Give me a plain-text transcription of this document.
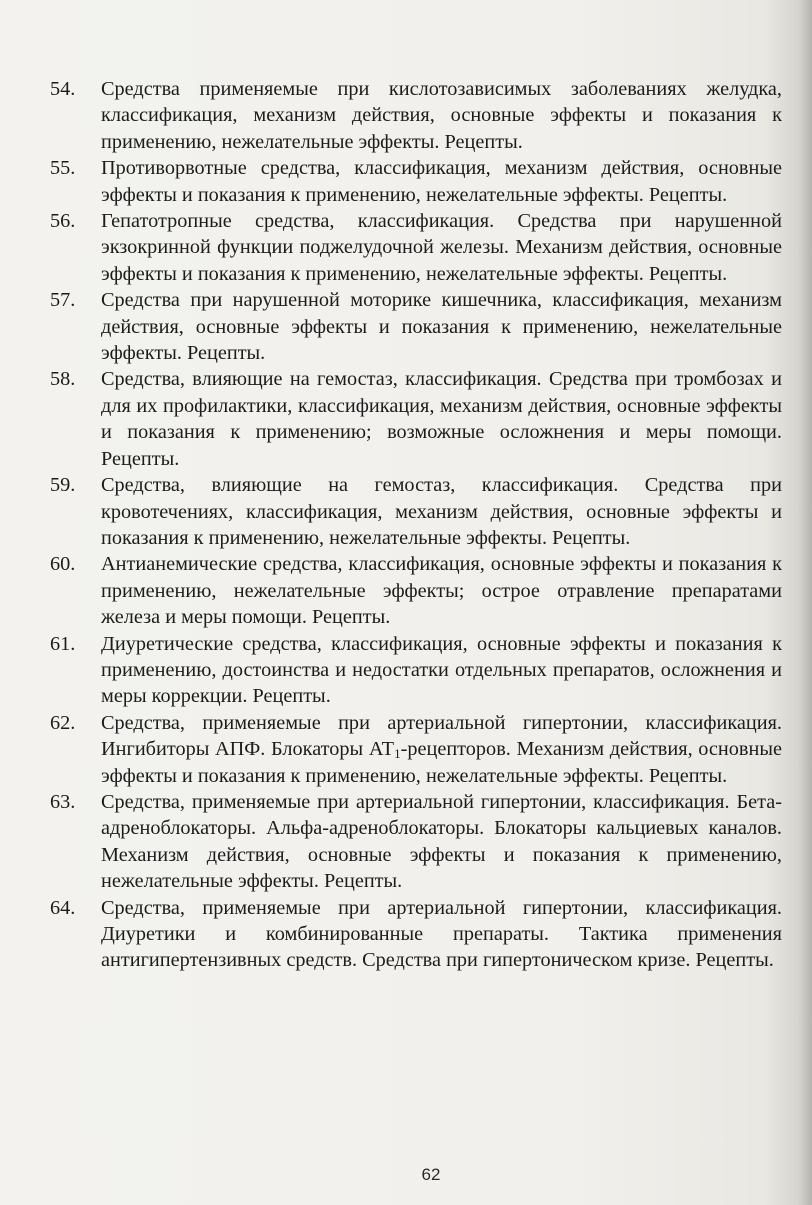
54.	Средства применяемые при кислотозависимых заболеваниях желудка, классификация, механизм действия, основные эффекты и показания к применению, нежелательные эффекты. Рецепты.
55.	Противорвотные средства, классификация, механизм действия, основные эффекты и показания к применению, нежелательные эффекты. Рецепты.
56.	Гепатотропные средства, классификация. Средства при нарушенной экзокринной функции поджелудочной железы. Механизм действия, основные эффекты и показания к применению, нежелательные эффекты. Рецепты.
57.	Средства при нарушенной моторике кишечника, классификация, механизм действия, основные эффекты и показания к применению, нежелательные эффекты. Рецепты.
58.	Средства, влияющие на гемостаз, классификация. Средства при тромбозах и для их профилактики, классификация, механизм действия, основные эффекты и показания к применению; возможные осложнения и меры помощи. Рецепты.
59.	Средства, влияющие на гемостаз, классификация. Средства при кровотечениях, классификация, механизм действия, основные эффекты и показания к применению, нежелательные эффекты. Рецепты.
60.	Антианемические средства, классификация, основные эффекты и показания к применению, нежелательные эффекты; острое отравление препаратами железа и меры помощи. Рецепты.
61.	Диуретические средства, классификация, основные эффекты и показания к применению, достоинства и недостатки отдельных препаратов, осложнения и меры коррекции. Рецепты.
62.	Средства, применяемые при артериальной гипертонии, классификация. Ингибиторы АПФ. Блокаторы $АТ_1$-рецепторов. Механизм действия, основные эффекты и показания к применению, нежелательные эффекты. Рецепты.
63.	Средства, применяемые при артериальной гипертонии, классификация. Бета-адреноблокаторы. Альфа-адреноблокаторы. Блокаторы кальциевых каналов. Механизм действия, основные эффекты и показания к применению, нежелательные эффекты. Рецепты.
64.	Средства, применяемые при артериальной гипертонии, классификация. Диуретики и комбинированные препараты. Тактика применения антигипертензивных средств. Средства при гипертоническом кризе. Рецепты.
62
